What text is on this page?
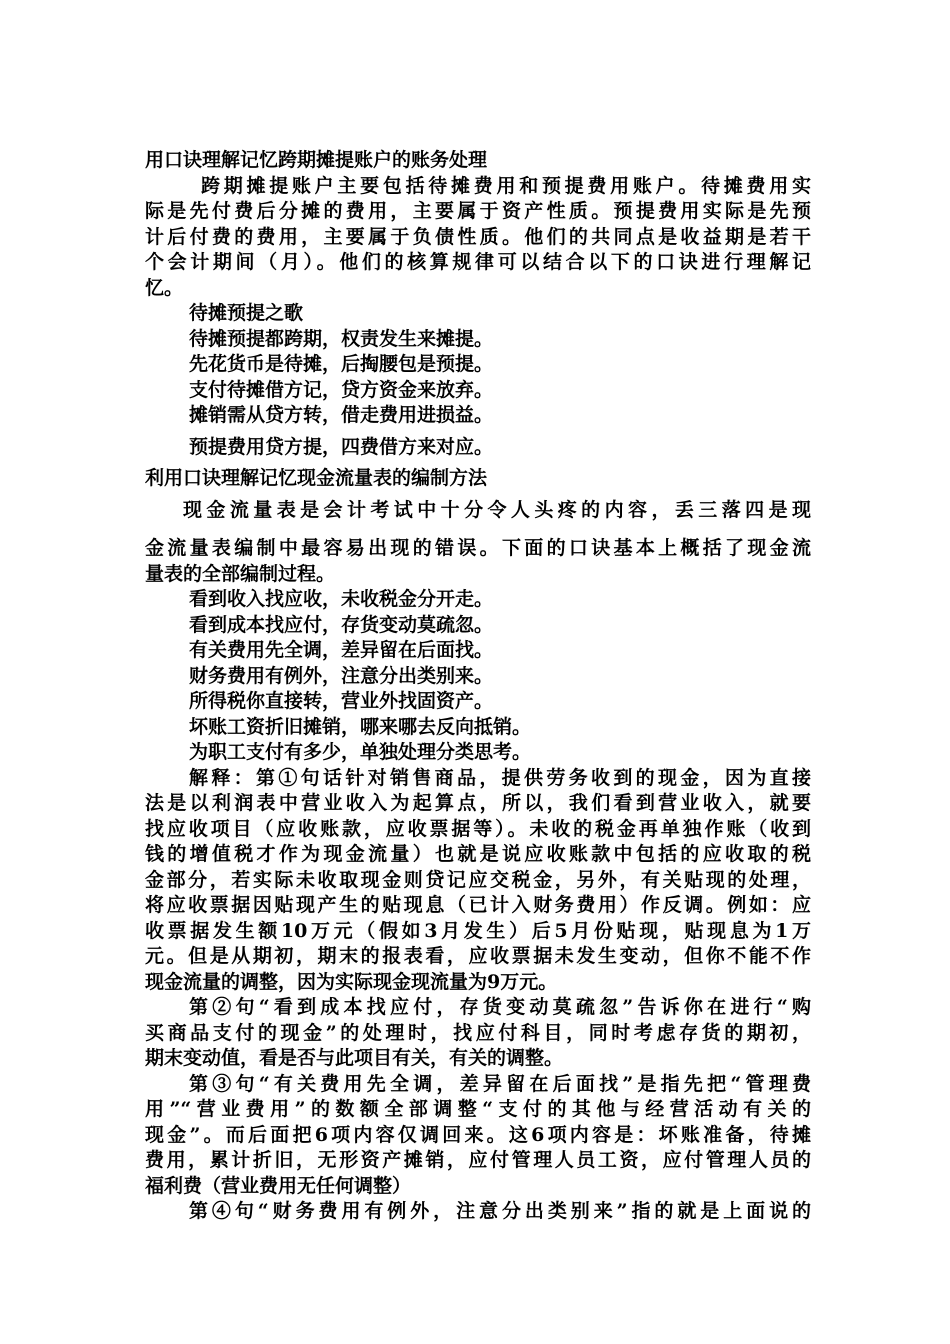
用口诀理解记忆跨期摊提账户的账务处理
跨期摊提账户主要包括待摊费用和预提费用账户。待摊费用实
际是先付费后分摊的费用，主要属于资产性质。预提费用实际是先预
计后付费的费用，主要属于负债性质。他们的共同点是收益期是若干
个会计期间（月）。他们的核算规律可以结合以下的口诀进行理解记
忆。
待摊预提之歌
待摊预提都跨期，权责发生来摊提。
先花货币是待摊，后掏腰包是预提。
支付待摊借方记，贷方资金来放弃。
摊销需从贷方转，借走费用进损益。
预提费用贷方提，四费借方来对应。
利用口诀理解记忆现金流量表的编制方法
现金流量表是会计考试中十分令人头疼的内容，丢三落四是现
金流量表编制中最容易出现的错误。下面的口诀基本上概括了现金流
量表的全部编制过程。
看到收入找应收，未收税金分开走。
看到成本找应付，存货变动莫疏忽。
有关费用先全调，差异留在后面找。
财务费用有例外，注意分出类别来。
所得税你直接转，营业外找固资产。
坏账工资折旧摊销，哪来哪去反向抵销。
为职工支付有多少，单独处理分类思考。
解释：第①句话针对销售商品，提供劳务收到的现金，因为直接
法是以利润表中营业收入为起算点，所以，我们看到营业收入，就要
找应收项目（应收账款，应收票据等）。未收的税金再单独作账（收到
钱的增值税才作为现金流量）也就是说应收账款中包括的应收取的税
金部分，若实际未收取现金则贷记应交税金，另外，有关贴现的处理，
将应收票据因贴现产生的贴现息（已计入财务费用）作反调。例如：应
收票据发生额10万元（假如3月发生）后5月份贴现，贴现息为1万
元。但是从期初，期末的报表看，应收票据未发生变动，但你不能不作
现金流量的调整，因为实际现金现流量为9万元。
第②句“看到成本找应付，存货变动莫疏忽”告诉你在进行“购
买商品支付的现金”的处理时，找应付科目，同时考虑存货的期初，
期末变动值，看是否与此项目有关，有关的调整。
第③句“有关费用先全调，差异留在后面找”是指先把“管理费
用”“营业费用”的数额全部调整“支付的其他与经营活动有关的
现金”。而后面把6项内容仅调回来。这6项内容是：坏账准备，待摊
费用，累计折旧，无形资产摊销，应付管理人员工资，应付管理人员的
福利费（营业费用无任何调整）
第④句“财务费用有例外，注意分出类别来”指的就是上面说的
